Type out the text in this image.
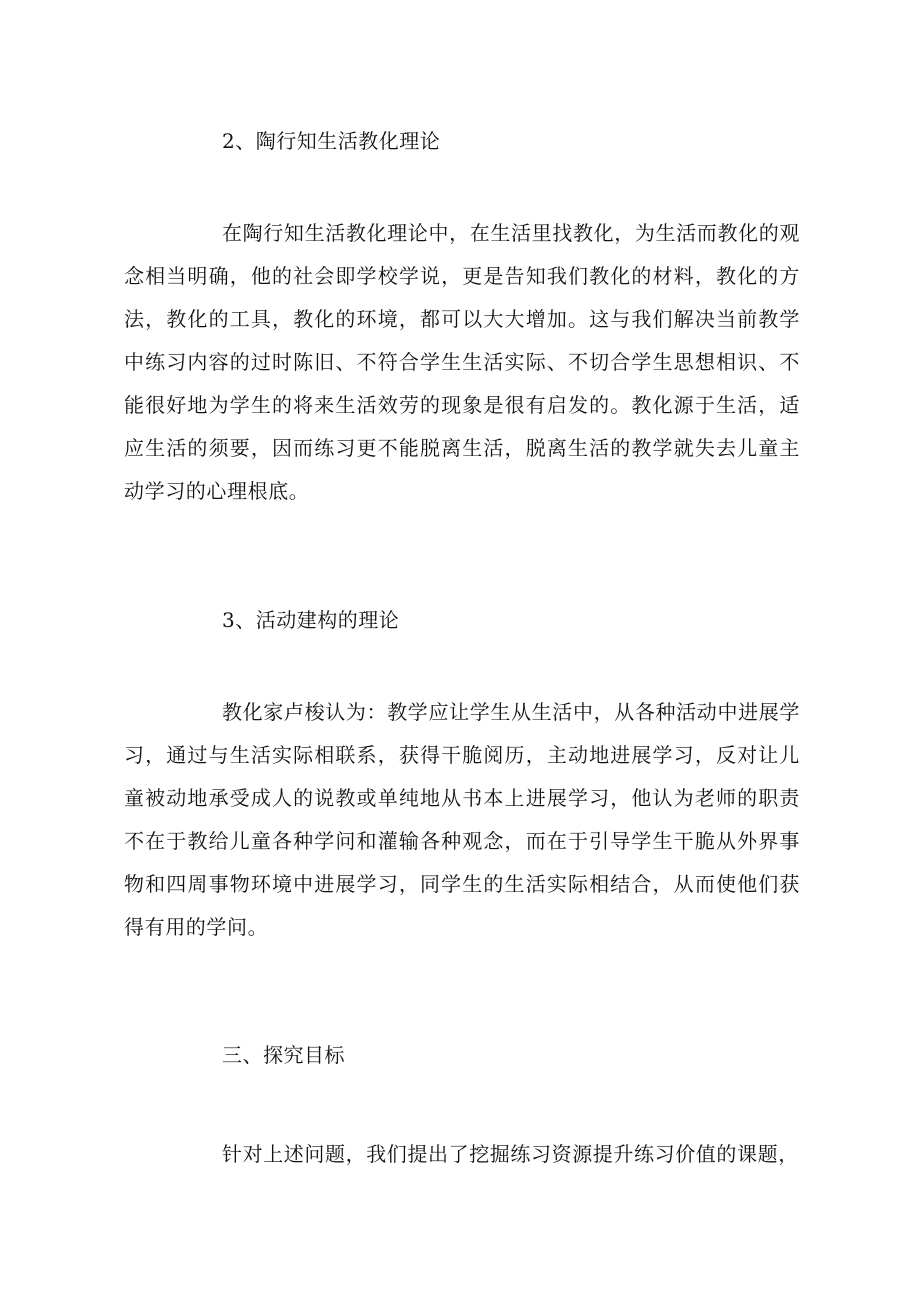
2、陶行知生活教化理论

在陶行知生活教化理论中，在生活里找教化，为生活而教化的观念相当明确，他的社会即学校学说，更是告知我们教化的材料，教化的方法，教化的工具，教化的环境，都可以大大增加。这与我们解决当前教学中练习内容的过时陈旧、不符合学生生活实际、不切合学生思想相识、不能很好地为学生的将来生活效劳的现象是很有启发的。教化源于生活，适应生活的须要，因而练习更不能脱离生活，脱离生活的教学就失去儿童主动学习的心理根底。

3、活动建构的理论

教化家卢梭认为：教学应让学生从生活中，从各种活动中进展学习，通过与生活实际相联系，获得干脆阅历，主动地进展学习，反对让儿童被动地承受成人的说教或单纯地从书本上进展学习，他认为老师的职责不在于教给儿童各种学问和灌输各种观念，而在于引导学生干脆从外界事物和四周事物环境中进展学习，同学生的生活实际相结合，从而使他们获得有用的学问。

三、探究目标

针对上述问题，我们提出了挖掘练习资源提升练习价值的课题，
